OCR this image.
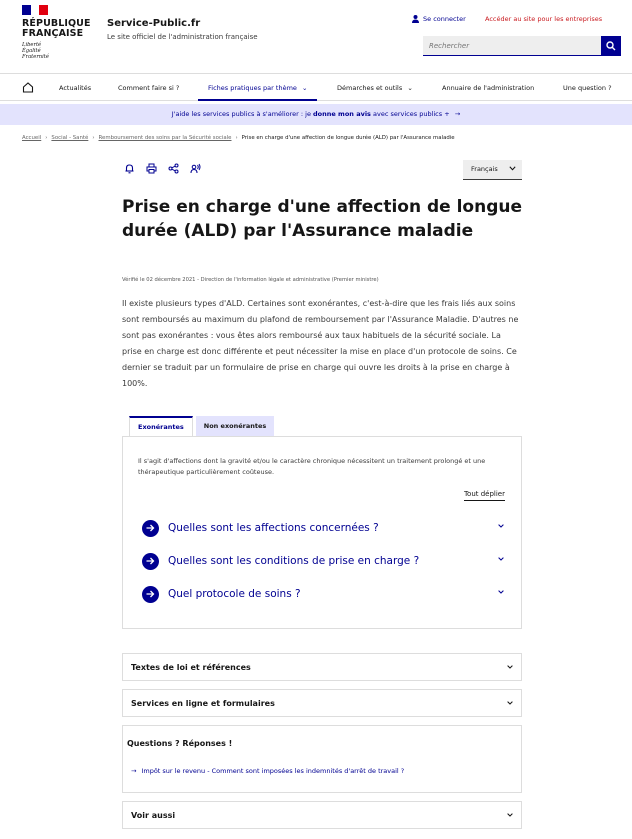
RÉPUBLIQUE
FRANÇAISE
Liberté
Égalité
Fraternité
Service-Public.fr
Le site officiel de l'administration française
Se connecter	Accéder au site pour les entreprises
Rechercher
Actualités	Comment faire si ?	Fiches pratiques par thème ⌄	Démarches et outils ⌄	Annuaire de l'administration	Une question ?
J'aide les services publics à s'améliorer : je donne mon avis avec services publics + →
Accueil › Social - Santé › Remboursement des soins par la Sécurité sociale › Prise en charge d'une affection de longue durée (ALD) par l'Assurance maladie
Français
Prise en charge d'une affection de longue durée (ALD) par l'Assurance maladie
Vérifié le 02 décembre 2021 - Direction de l'information légale et administrative (Premier ministre)

Il existe plusieurs types d'ALD. Certaines sont exonérantes, c'est-à-dire que les frais liés aux soins sont remboursés au maximum du plafond de remboursement par l'Assurance Maladie. D'autres ne sont pas exonérantes : vous êtes alors remboursé aux taux habituels de la sécurité sociale. La prise en charge est donc différente et peut nécessiter la mise en place d'un protocole de soins. Ce dernier se traduit par un formulaire de prise en charge qui ouvre les droits à la prise en charge à 100%.

Exonérantes	Non exonérantes

Il s'agit d'affections dont la gravité et/ou le caractère chronique nécessitent un traitement prolongé et une thérapeutique particulièrement coûteuse.

Tout déplier
Quelles sont les affections concernées ?
Quelles sont les conditions de prise en charge ?
Quel protocole de soins ?
Textes de loi et références
Services en ligne et formulaires
Questions ? Réponses !
→ Impôt sur le revenu - Comment sont imposées les indemnités d'arrêt de travail ?
Voir aussi
